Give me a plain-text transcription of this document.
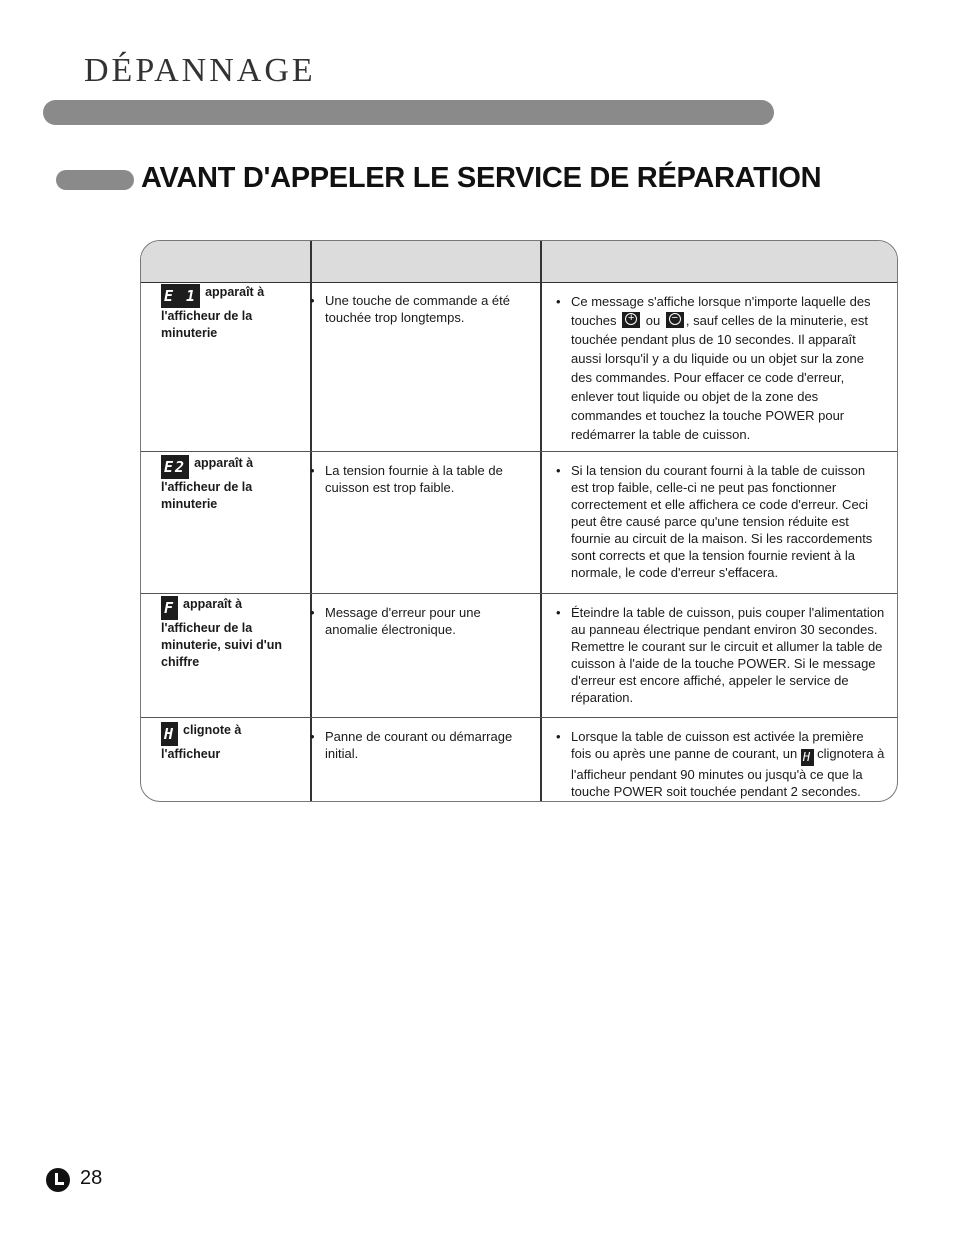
DÉPANNAGE
AVANT D'APPELER LE SERVICE DE RÉPARATION
E 1 apparaît à l'afficheur de la minuterie
• Une touche de commande a été touchée trop longtemps.
• Ce message s'affiche lorsque n'importe laquelle des touches + ou − , sauf celles de la minuterie, est touchée pendant plus de 10 secondes. Il apparaît aussi lorsqu'il y a du liquide ou un objet sur la zone des commandes. Pour effacer ce code d'erreur, enlever tout liquide ou objet de la zone des commandes et touchez la touche POWER pour redémarrer la table de cuisson.
E2 apparaît à l'afficheur de la minuterie
• La tension fournie à la table de cuisson est trop faible.
• Si la tension du courant fourni à la table de cuisson est trop faible, celle-ci ne peut pas fonctionner correctement et elle affichera ce code d'erreur. Ceci peut être causé parce qu'une tension réduite est fournie au circuit de la maison. Si les raccordements sont corrects et que la tension fournie revient à la normale, le code d'erreur s'effacera.
F apparaît à l'afficheur de la minuterie, suivi d'un chiffre
• Message d'erreur pour une anomalie électronique.
• Éteindre la table de cuisson, puis couper l'alimentation au panneau électrique pendant environ 30 secondes. Remettre le courant sur le circuit et allumer la table de cuisson à l'aide de la touche POWER. Si le message d'erreur est encore affiché, appeler le service de réparation.
H clignote à l'afficheur
• Panne de courant ou démarrage initial.
• Lorsque la table de cuisson est activée la première fois ou après une panne de courant, un H clignotera à l'afficheur pendant 90 minutes ou jusqu'à ce que la touche POWER soit touchée pendant 2 secondes.
28
